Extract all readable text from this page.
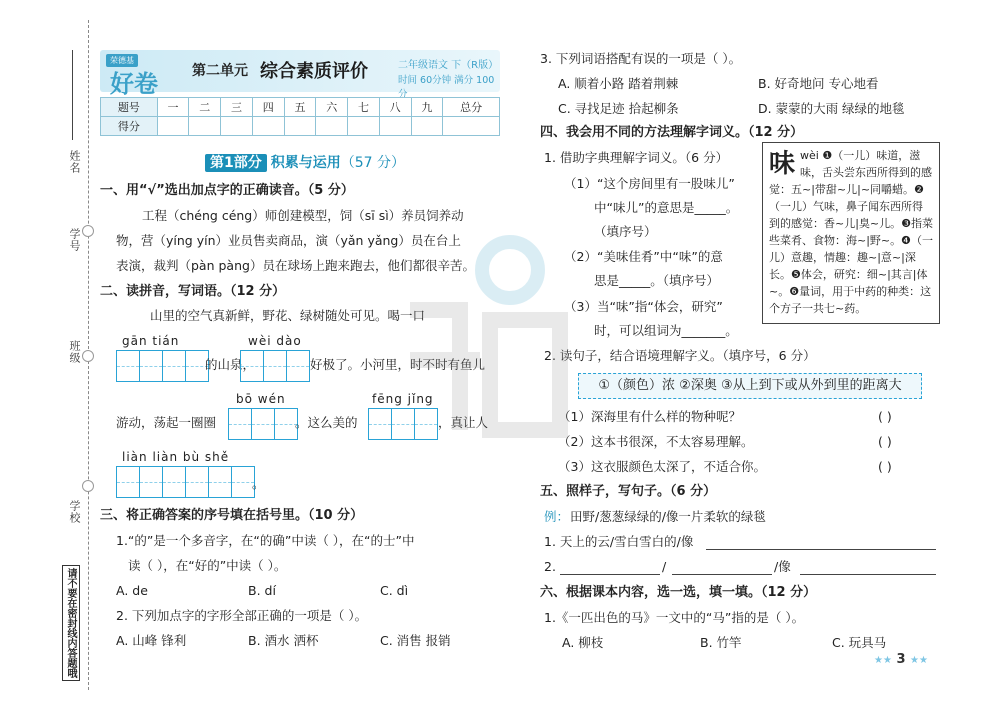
姓名
学号
班级
学校
请不要在密封线内答题哦
荣德基
好卷 第二单元 综合素质评价	二年级语文 下（R版）
时间 60分钟 满分 100分
题号	一	二	三	四	五	六	七	八	九	总分
得分										
第1部分 积累与运用（57 分）
一、用“√”选出加点字的正确读音。（5 分）
工程（chéng céng）师创建模型，饲（sī sì）养员饲养动
物，营（yíng yín）业员售卖商品，演（yǎn yǎng）员在台上
表演，裁判（pàn pàng）员在球场上跑来跑去，他们都很辛苦。
二、读拼音，写词语。（12 分）
山里的空气真新鲜，野花、绿树随处可见。喝一口
gān tián
的山泉，
wèi dào
好极了。小河里，时不时有鱼儿
游动，荡起一圈圈
bō wén
。这么美的
fēng jǐng
，真让人
liàn liàn bù shě
。
三、将正确答案的序号填在括号里。（10 分）
1.“的”是一个多音字，在“的确”中读（ ），在“的士”中
读（ ），在“好的”中读（ ）。
A. de	B. dí	C. dì
2. 下列加点字的字形全部正确的一项是（ ）。
A. 山峰 锋利	B. 酒水 洒杯	C. 消售 报销
3. 下列词语搭配有误的一项是（ ）。
A. 顺着小路 踏着荆棘	B. 好奇地问 专心地看
C. 寻找足迹 拾起柳条	D. 蒙蒙的大雨 绿绿的地毯
四、我会用不同的方法理解字词义。（12 分）
1. 借助字典理解字词义。（6 分）
（1）“这个房间里有一股味儿”
中“味儿”的意思是_____。
（填序号）
（2）“美味佳肴”中“味”的意
思是_____。（填序号）
（3）当“味”指“体会，研究”
时，可以组词为_______。
味 wèi ❶（一儿）味道，滋味，舌头尝东西所得到的感觉：五~|带甜~儿|~同嚼蜡。❷（一儿）气味，鼻子闻东西所得到的感觉：香~儿|臭~儿。❸指菜些菜肴、食物：海~|野~。❹（一儿）意趣，情趣：趣~|意~|深长。❺体会，研究：细~|其言|体~。❻量词，用于中药的种类：这个方子一共七~药。
2. 读句子，结合语境理解字义。（填序号，6 分）
①（颜色）浓 ②深奥 ③从上到下或从外到里的距离大
（1）深海里有什么样的物种呢？	( )
（2）这本书很深，不太容易理解。	( )
（3）这衣服颜色太深了，不适合你。	( )
五、照样子，写句子。（6 分）
例： 田野/葱葱绿绿的/像一片柔软的绿毯
1. 天上的云/雪白雪白的/像
2.	/	/像
六、根据课本内容，选一选，填一填。（12 分）
1.《一匹出色的马》一文中的“马”指的是（ ）。
A. 柳枝	B. 竹竿	C. 玩具马
★★ 3 ★★
